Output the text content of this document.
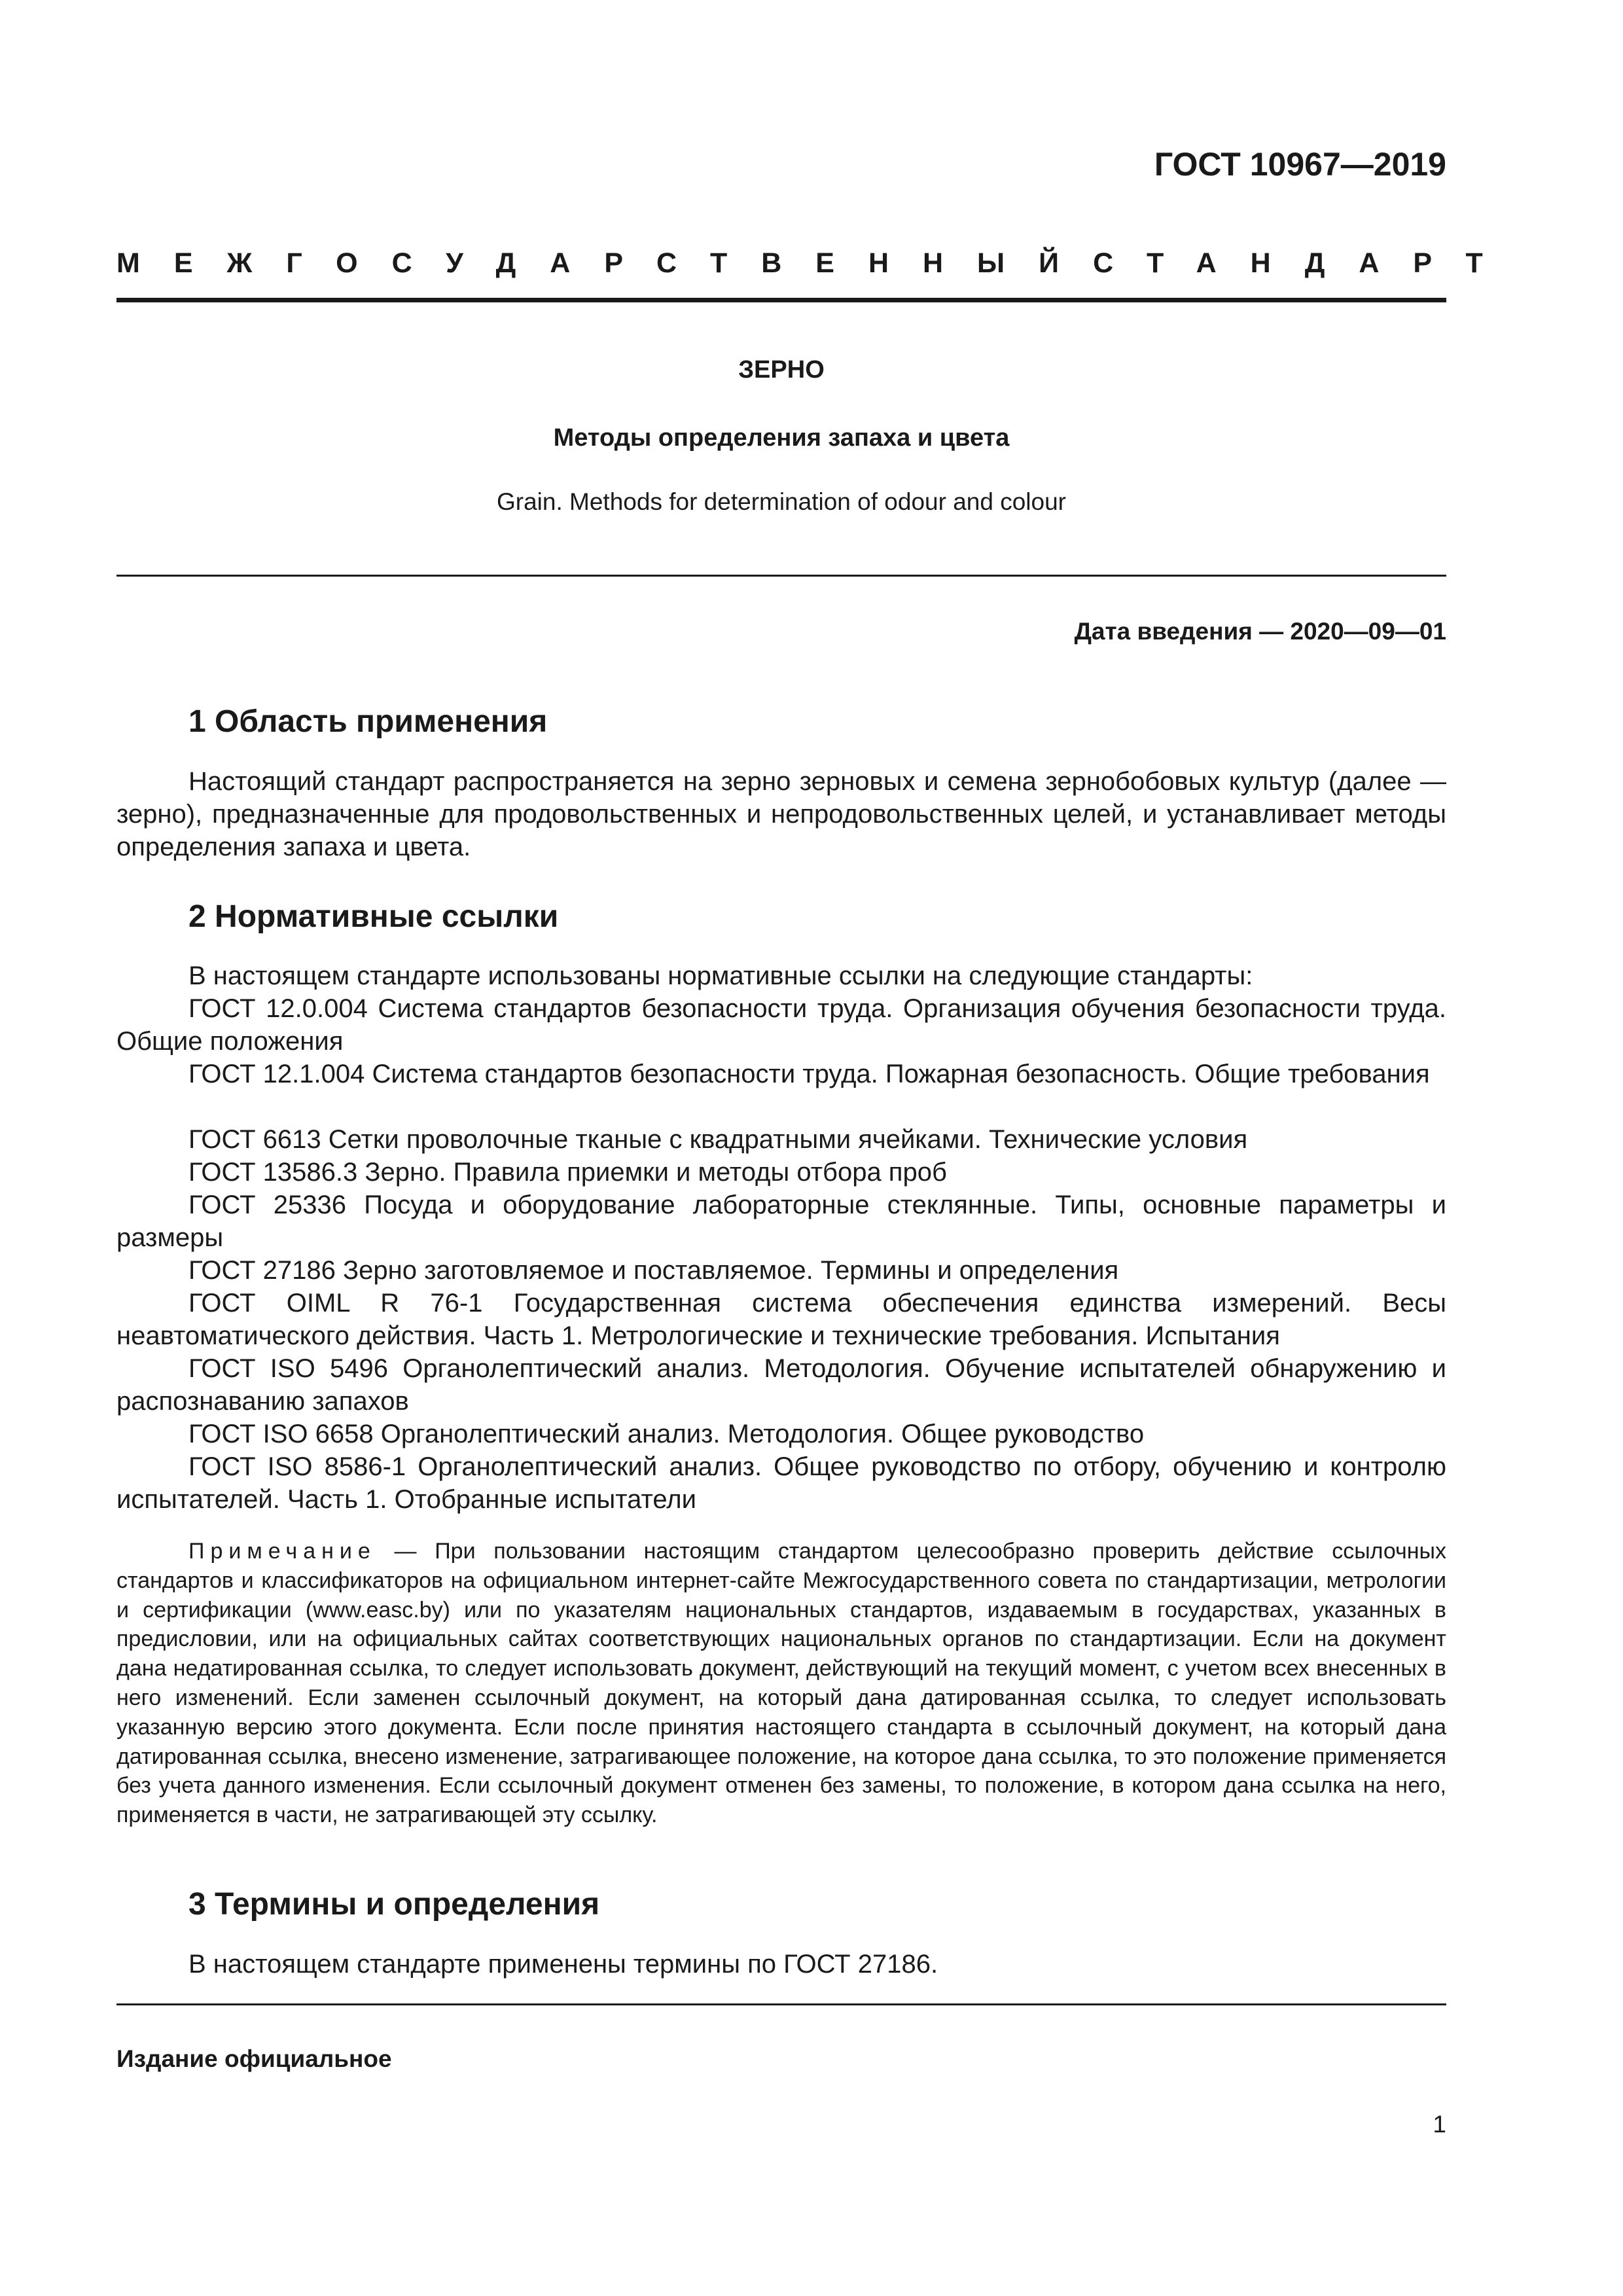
ГОСТ 10967—2019
МЕЖГОСУДАРСТВЕННЫЙ СТАНДАРТ
ЗЕРНО
Методы определения запаха и цвета
Grain. Methods for determination of odour and colour
Дата введения — 2020—09—01
1 Область применения

Настоящий стандарт распространяется на зерно зерновых и семена зернобобовых культур (далее — зерно), предназначенные для продовольственных и непродовольственных целей, и устанавливает методы определения запаха и цвета.

2 Нормативные ссылки

В настоящем стандарте использованы нормативные ссылки на следующие стандарты:

ГОСТ 12.0.004 Система стандартов безопасности труда. Организация обучения безопасности труда. Общие положения

ГОСТ 12.1.004 Система стандартов безопасности труда. Пожарная безопасность. Общие требования

ГОСТ 6613 Сетки проволочные тканые с квадратными ячейками. Технические условия

ГОСТ 13586.3 Зерно. Правила приемки и методы отбора проб

ГОСТ 25336 Посуда и оборудование лабораторные стеклянные. Типы, основные параметры и размеры

ГОСТ 27186 Зерно заготовляемое и поставляемое. Термины и определения

ГОСТ OIML R 76-1 Государственная система обеспечения единства измерений. Весы неавтоматического действия. Часть 1. Метрологические и технические требования. Испытания

ГОСТ ISO 5496 Органолептический анализ. Методология. Обучение испытателей обнаружению и распознаванию запахов

ГОСТ ISO 6658 Органолептический анализ. Методология. Общее руководство

ГОСТ ISO 8586-1 Органолептический анализ. Общее руководство по отбору, обучению и контролю испытателей. Часть 1. Отобранные испытатели

Примечание — При пользовании настоящим стандартом целесообразно проверить действие ссылочных стандартов и классификаторов на официальном интернет-сайте Межгосударственного совета по стандартизации, метрологии и сертификации (www.easc.by) или по указателям национальных стандартов, издаваемым в государствах, указанных в предисловии, или на официальных сайтах соответствующих национальных органов по стандартизации. Если на документ дана недатированная ссылка, то следует использовать документ, действующий на текущий момент, с учетом всех внесенных в него изменений. Если заменен ссылочный документ, на который дана датированная ссылка, то следует использовать указанную версию этого документа. Если после принятия настоящего стандарта в ссылочный документ, на который дана датированная ссылка, внесено изменение, затрагивающее положение, на которое дана ссылка, то это положение применяется без учета данного изменения. Если ссылочный документ отменен без замены, то положение, в котором дана ссылка на него, применяется в части, не затрагивающей эту ссылку.

3 Термины и определения

В настоящем стандарте применены термины по ГОСТ 27186.

Издание официальное
1
